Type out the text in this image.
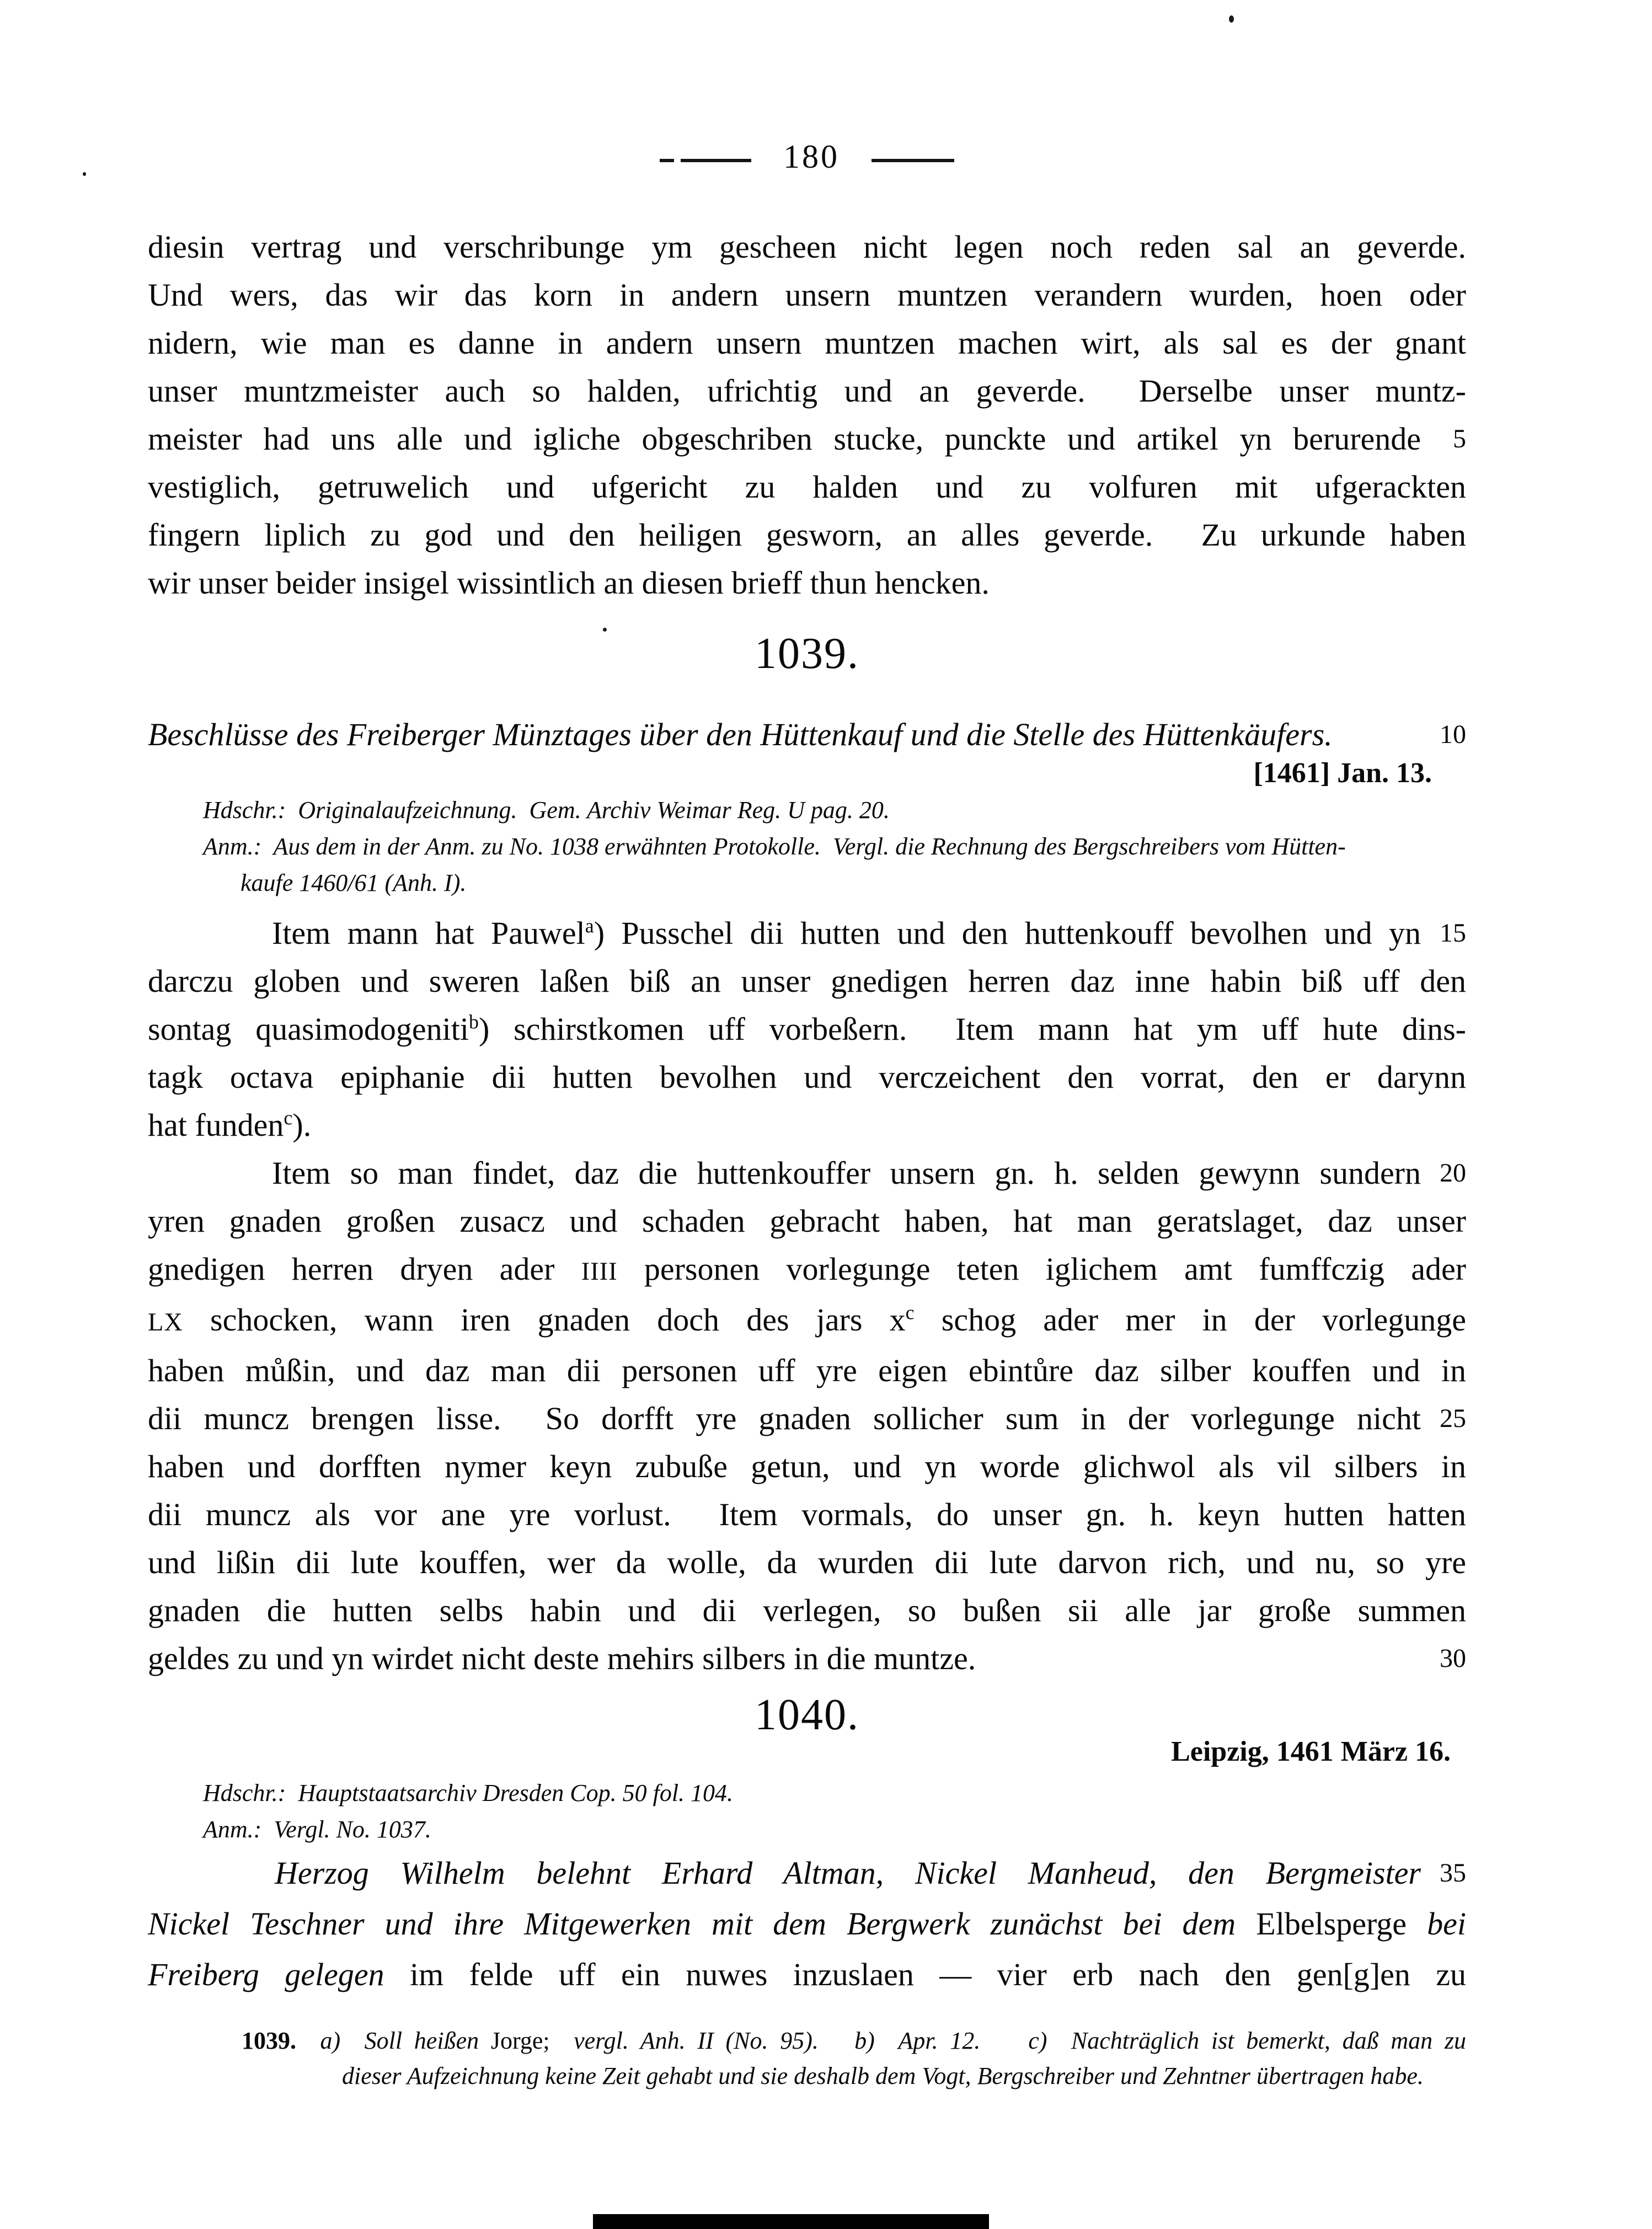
180
diesin vertrag und verschribunge ym gescheen nicht legen noch reden sal an geverde.
Und wers, das wir das korn in andern unsern muntzen verandern wurden, hoen oder
nidern, wie man es danne in andern unsern muntzen machen wirt, als sal es der gnant
unser muntzmeister auch so halden, ufrichtig und an geverde.  Derselbe unser muntz-
meister had uns alle und igliche obgeschriben stucke, punckte und artikel yn berurende 5
vestiglich, getruwelich und ufgericht zu halden und zu volfuren mit ufgerackten
fingern liplich zu god und den heiligen gesworn, an alles geverde.  Zu urkunde haben
wir unser beider insigel wissintlich an diesen brieff thun hencken.
1039.
Beschlüsse des Freiberger Münztages über den Hüttenkauf und die Stelle des Hüttenkäufers.	10
[1461] Jan. 13.
Hdschr.:  Originalaufzeichnung.  Gem. Archiv Weimar Reg. U pag. 20.
Anm.:  Aus dem in der Anm. zu No. 1038 erwähnten Protokolle.  Vergl. die Rechnung des Bergschreibers vom Hütten-
kaufe 1460/61 (Anh. I).
Item mann hat Pauwel$^a$) Pusschel dii hutten und den huttenkouff bevolhen und yn 15
darczu globen und sweren laßen biß an unser gnedigen herren daz inne habin biß uff den
sontag quasimodogeniti$^b$) schirstkomen uff vorbeßern.  Item mann hat ym uff hute dins-
tagk octava epiphanie dii hutten bevolhen und verczeichent den vorrat, den er darynn
hat funden$^c$).
Item so man findet, daz die huttenkouffer unsern gn. h. selden gewynn sundern 20
yren gnaden großen zusacz und schaden gebracht haben, hat man geratslaget, daz unser
gnedigen herren dryen ader IIII personen vorlegunge teten iglichem amt fumffczig ader
LX schocken, wann iren gnaden doch des jars $x^c$ schog ader mer in der vorlegunge
haben můßin, und daz man dii personen uff yre eigen ebintůre daz silber kouffen und in
dii muncz brengen lisse.  So dorfft yre gnaden sollicher sum in der vorlegunge nicht 25
haben und dorfften nymer keyn zubuße getun, und yn worde glichwol als vil silbers in
dii muncz als vor ane yre vorlust.  Item vormals, do unser gn. h. keyn hutten hatten
und lißin dii lute kouffen, wer da wolle, da wurden dii lute darvon rich, und nu, so yre
gnaden die hutten selbs habin und dii verlegen, so bußen sii alle jar große summen
geldes zu und yn wirdet nicht deste mehirs silbers in die muntze.	30
1040.
Leipzig, 1461 März 16.
Hdschr.:  Hauptstaatsarchiv Dresden Cop. 50 fol. 104.
Anm.:  Vergl. No. 1037.
Herzog Wilhelm belehnt Erhard Altman, Nickel Manheud, den Bergmeister 35
Nickel Teschner und ihre Mitgewerken mit dem Bergwerk zunächst bei dem Elbelsperge bei
Freiberg gelegen im felde uff ein nuwes inzuslaen — vier erb nach den gen[g]en zu
1039. a)  Soll heißen Jorge;  vergl. Anh. II (No. 95). b)  Apr. 12. c)  Nachträglich ist bemerkt, daß man zu
dieser Aufzeichnung keine Zeit gehabt und sie deshalb dem Vogt, Bergschreiber und Zehntner übertragen habe.
